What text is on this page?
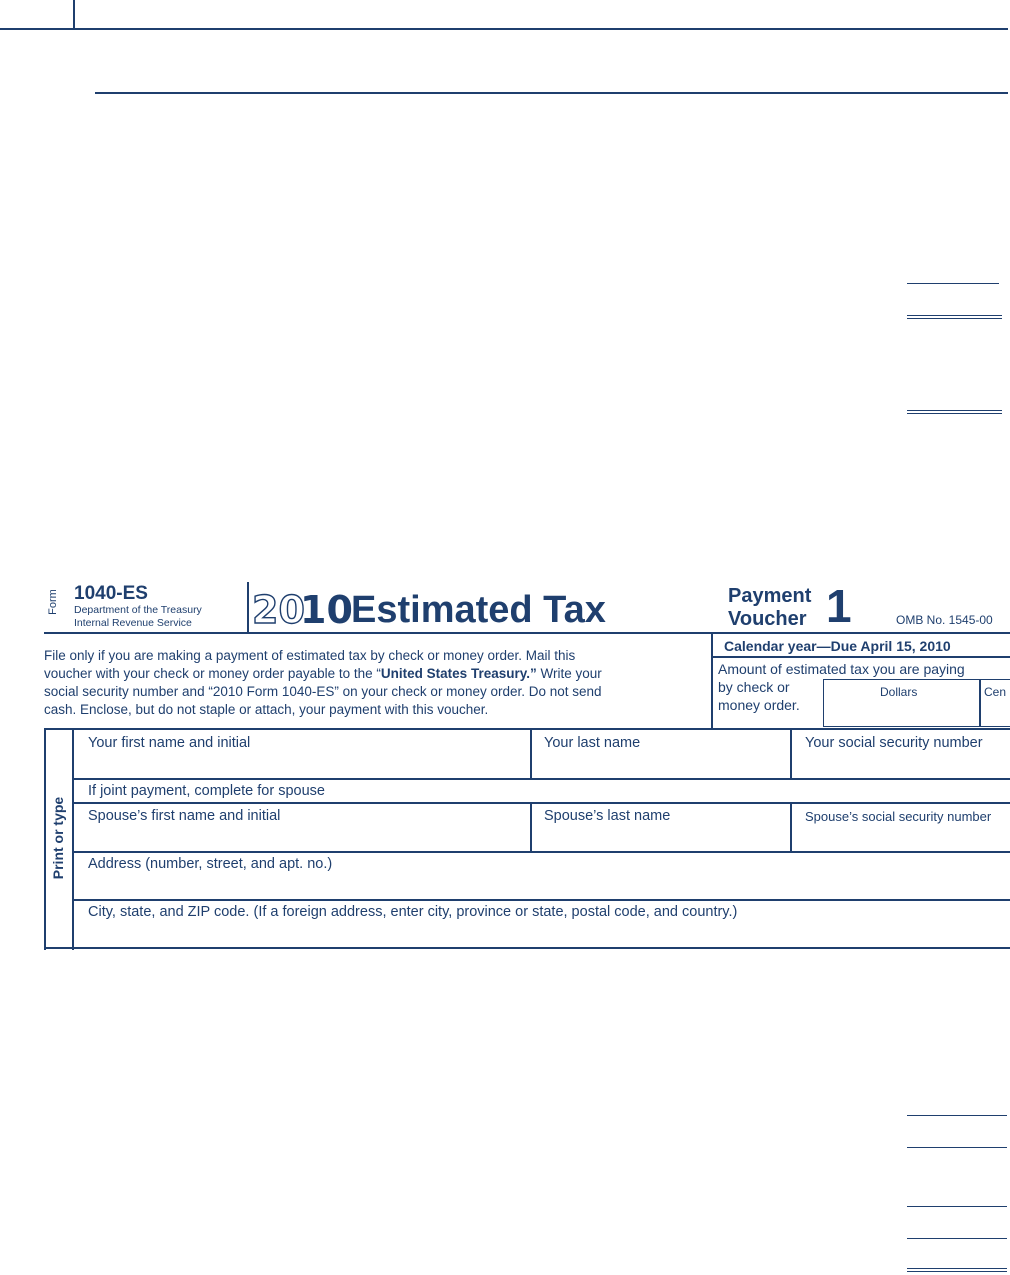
Form 1040-ES
Department of the Treasury
Internal Revenue Service 20
10
Estimated Tax	Payment
Voucher 1	OMB No. 1545-00
File only if you are making a payment of estimated tax by check or money order. Mail this
voucher with your check or money order payable to the “United States Treasury.” Write your
social security number and “2010 Form 1040-ES” on your check or money order. Do not send
cash. Enclose, but do not staple or attach, your payment with this voucher.
Calendar year—Due April 15, 2010
Amount of estimated tax you are paying
by check or
money order.
Dollars	Cen
Print or type
Your first name and initial	Your last name	Your social security number
If joint payment, complete for spouse
Spouse’s first name and initial	Spouse’s last name	Spouse’s social security number
Address (number, street, and apt. no.)
City, state, and ZIP code. (If a foreign address, enter city, province or state, postal code, and country.)
